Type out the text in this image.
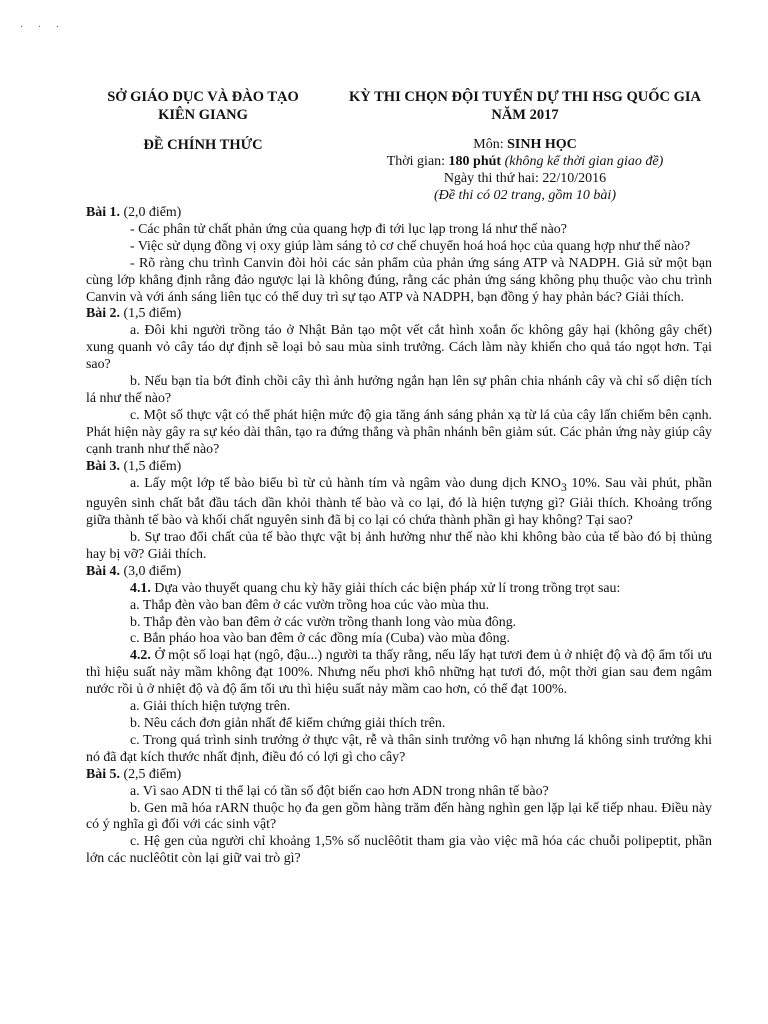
· · ·
SỞ GIÁO DỤC VÀ ĐÀO TẠO
KIÊN GIANG
ĐỀ CHÍNH THỨC
KỲ THI CHỌN ĐỘI TUYỂN DỰ THI HSG QUỐC GIA
NĂM 2017
Môn: SINH HỌC
Thời gian: 180 phút (không kể thời gian giao đề)
Ngày thi thứ hai: 22/10/2016
(Đề thi có 02 trang, gồm 10 bài)

Bài 1. (2,0 điểm)

- Các phân tử chất phản ứng của quang hợp đi tới lục lạp trong lá như thế nào?

- Việc sử dụng đồng vị oxy giúp làm sáng tỏ cơ chế chuyển hoá hoá học của quang hợp như thế nào?

- Rõ ràng chu trình Canvin đòi hỏi các sản phẩm của phản ứng sáng ATP và NADPH. Giả sử một bạn cùng lớp khẳng định rằng đảo ngược lại là không đúng, rằng các phản ứng sáng không phụ thuộc vào chu trình Canvin và với ánh sáng liên tục có thể duy trì sự tạo ATP và NADPH, bạn đồng ý hay phản bác? Giải thích.

Bài 2. (1,5 điểm)

a. Đôi khi người trồng táo ở Nhật Bản tạo một vết cắt hình xoắn ốc không gây hại (không gây chết) xung quanh vỏ cây táo dự định sẽ loại bỏ sau mùa sinh trưởng. Cách làm này khiến cho quả táo ngọt hơn. Tại sao?

b. Nếu bạn tỉa bớt đỉnh chồi cây thì ảnh hưởng ngắn hạn lên sự phân chia nhánh cây và chỉ số diện tích lá như thế nào?

c. Một số thực vật có thể phát hiện mức độ gia tăng ánh sáng phản xạ từ lá của cây lấn chiếm bên cạnh. Phát hiện này gây ra sự kéo dài thân, tạo ra đứng thẳng và phân nhánh bên giảm sút. Các phản ứng này giúp cây cạnh tranh như thế nào?

Bài 3. (1,5 điểm)

a. Lấy một lớp tế bào biểu bì từ củ hành tím và ngâm vào dung dịch $KNO_3$ 10%. Sau vài phút, phần nguyên sinh chất bắt đầu tách dần khỏi thành tế bào và co lại, đó là hiện tượng gì? Giải thích. Khoảng trống giữa thành tế bào và khối chất nguyên sinh đã bị co lại có chứa thành phần gì hay không? Tại sao?

b. Sự trao đổi chất của tế bào thực vật bị ảnh hưởng như thế nào khi không bào của tế bào đó bị thủng hay bị vỡ? Giải thích.

Bài 4. (3,0 điểm)

4.1. Dựa vào thuyết quang chu kỳ hãy giải thích các biện pháp xử lí trong trồng trọt sau:

a. Thắp đèn vào ban đêm ở các vườn trồng hoa cúc vào mùa thu.

b. Thắp đèn vào ban đêm ở các vườn trồng thanh long vào mùa đông.

c. Bắn pháo hoa vào ban đêm ở các đồng mía (Cuba) vào mùa đông.

4.2. Ở một số loại hạt (ngô, đậu...) người ta thấy rằng, nếu lấy hạt tươi đem ủ ở nhiệt độ và độ ẩm tối ưu thì hiệu suất nảy mầm không đạt 100%. Nhưng nếu phơi khô những hạt tươi đó, một thời gian sau đem ngâm nước rồi ủ ở nhiệt độ và độ ẩm tối ưu thì hiệu suất nảy mầm cao hơn, có thể đạt 100%.

a. Giải thích hiện tượng trên.

b. Nêu cách đơn giản nhất để kiểm chứng giải thích trên.

c. Trong quá trình sinh trưởng ở thực vật, rễ và thân sinh trưởng vô hạn nhưng lá không sinh trưởng khi nó đã đạt kích thước nhất định, điều đó có lợi gì cho cây?

Bài 5. (2,5 điểm)

a. Vì sao ADN ti thể lại có tần số đột biến cao hơn ADN trong nhân tế bào?

b. Gen mã hóa rARN thuộc họ đa gen gồm hàng trăm đến hàng nghìn gen lặp lại kế tiếp nhau. Điều này có ý nghĩa gì đối với các sinh vật?

c. Hệ gen của người chỉ khoảng 1,5% số nuclêôtit tham gia vào việc mã hóa các chuỗi polipeptit, phần lớn các nuclêôtit còn lại giữ vai trò gì?
